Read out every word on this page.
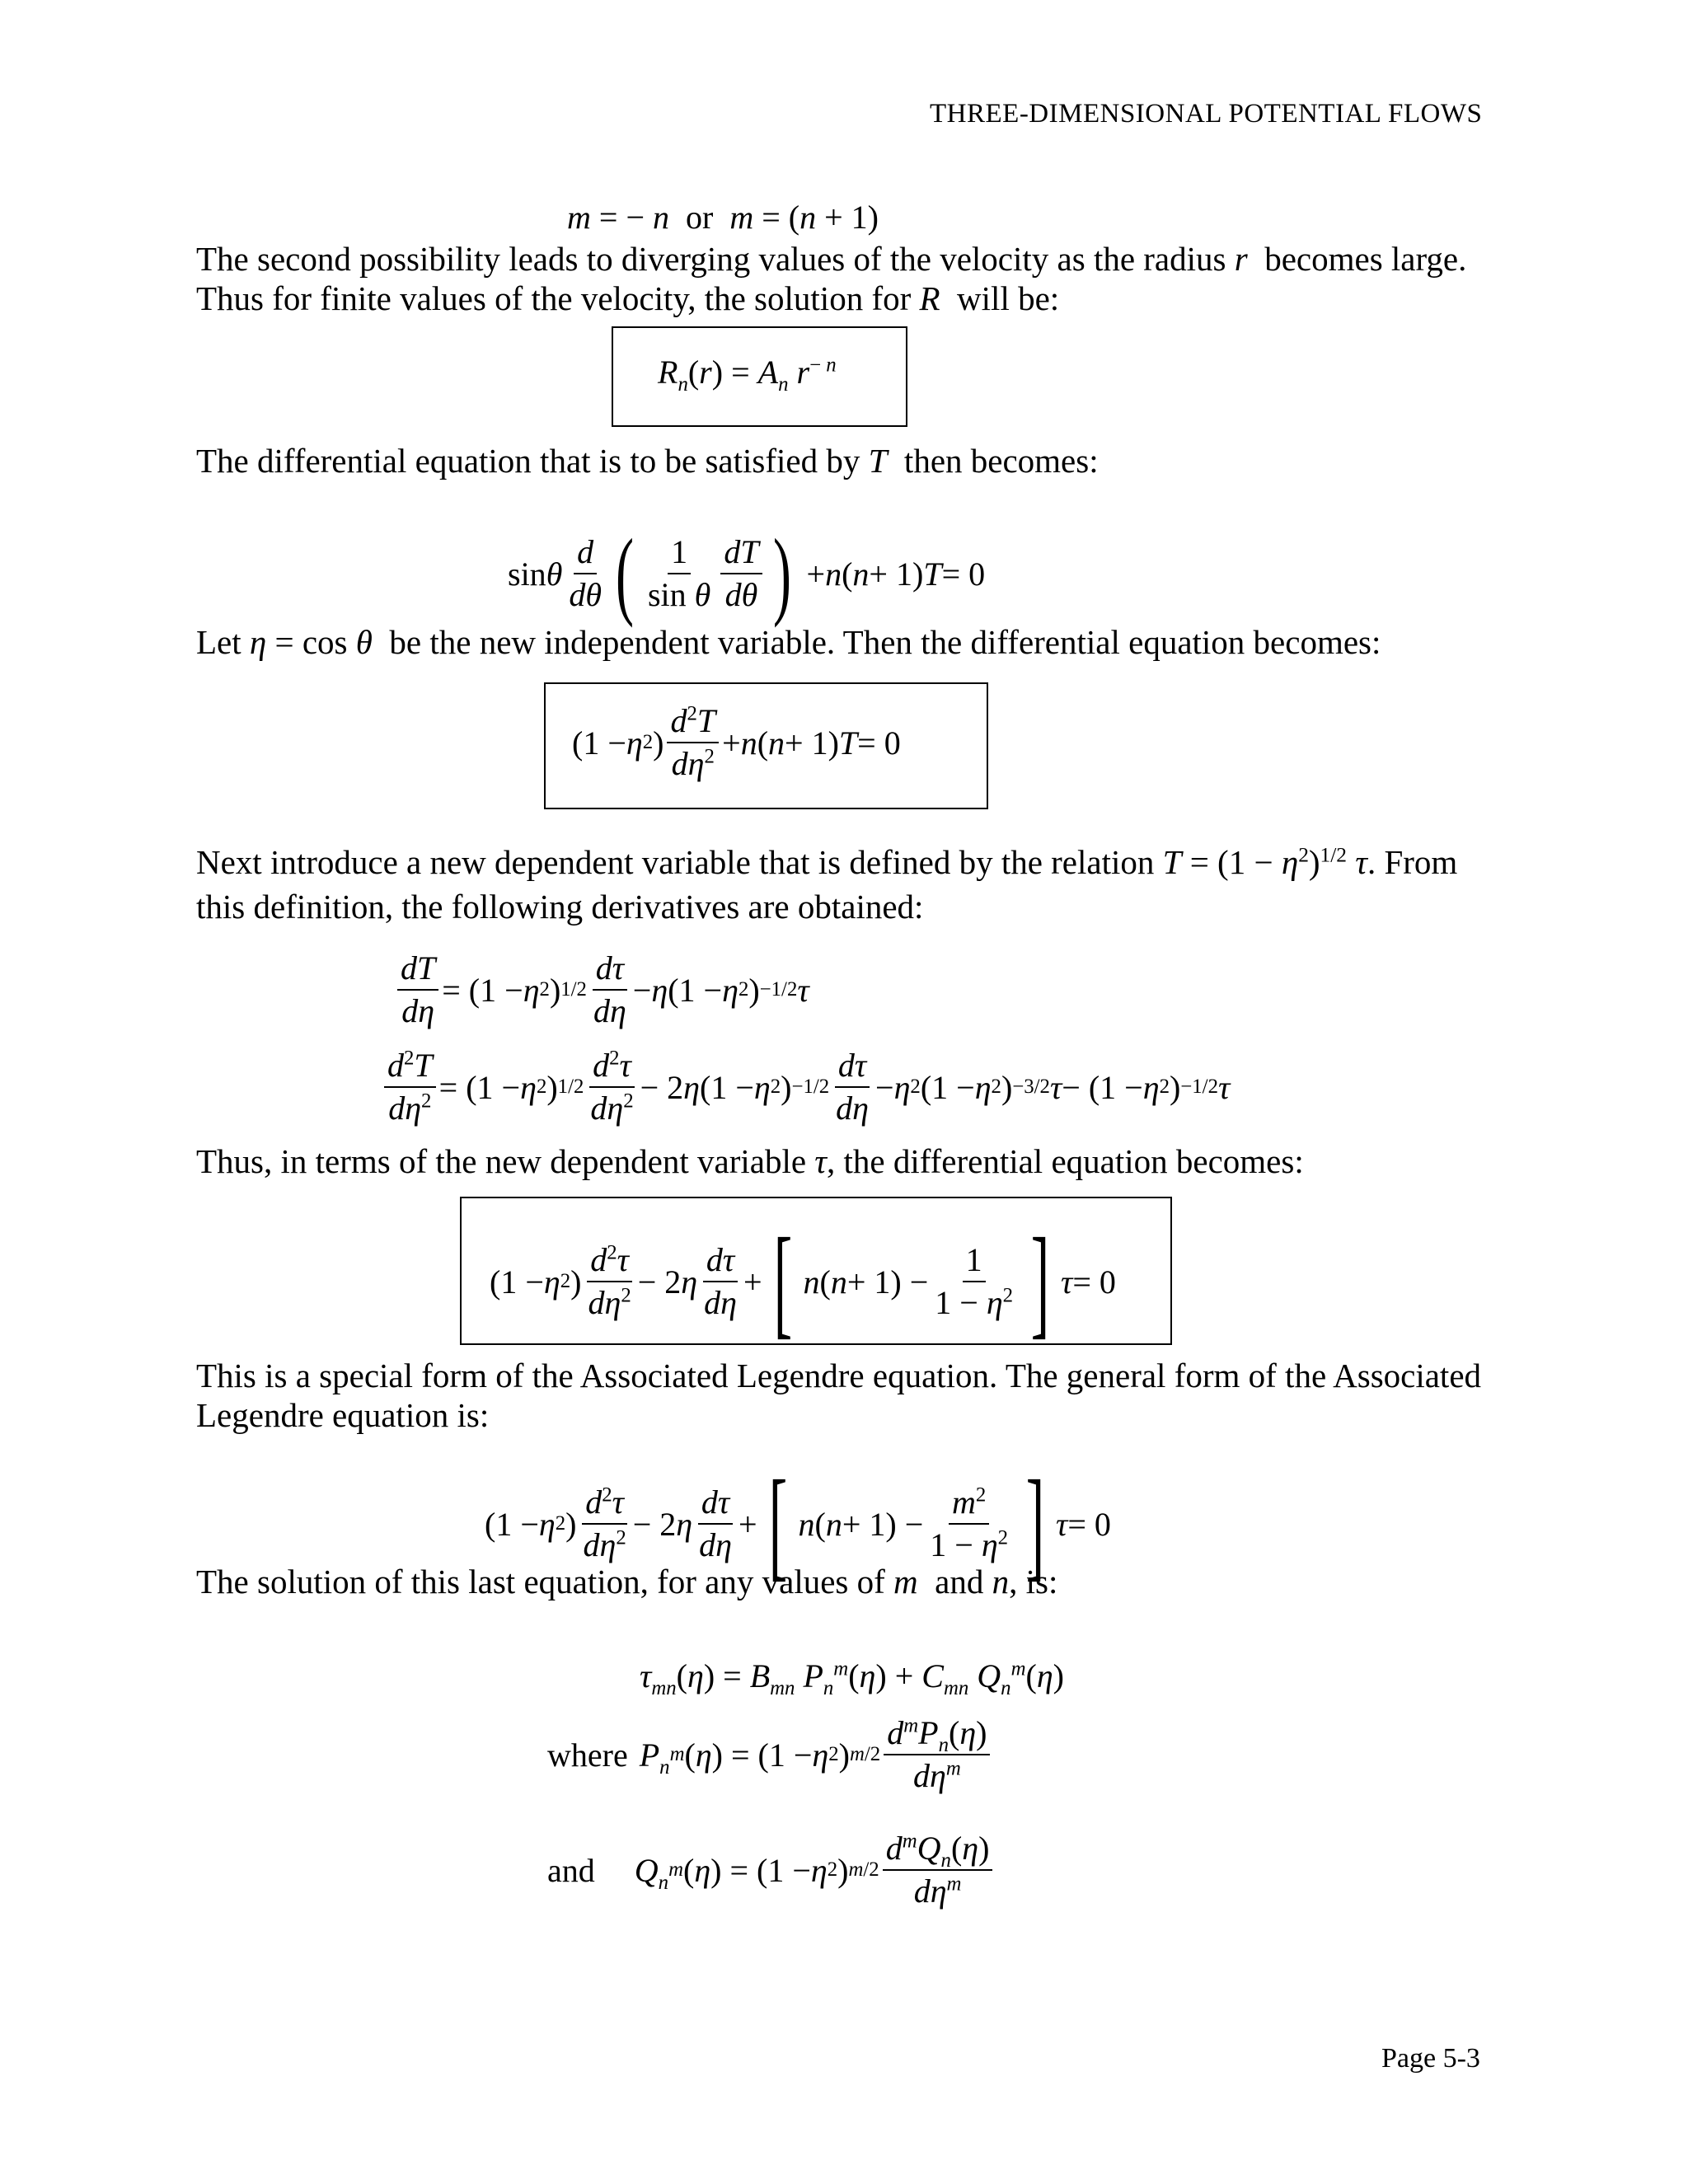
THREE-DIMENSIONAL POTENTIAL FLOWS
m = − n or m = (n + 1)
The second possibility leads to diverging values of the velocity as the radius r becomes large.
Thus for finite values of the velocity, the solution for R will be:
$R_n(r) = A_n$ $r^{- n}$
The differential equation that is to be satisfied by T then becomes:
sin θ $\frac{d}{d\theta}$ ( $\frac{1}{\text{sin θ}} \frac{dT}{d\theta}$ ) + n ( n + 1) T = 0
Let η = cos θ be the new independent variable. Then the differential equation becomes:
(1 − η 2 ) $\frac{d^2T}{d\eta^2} + n$ ( n + 1) T = 0
Next introduce a new dependent variable that is defined by the relation $T = (1 - \eta^2)^{1/2}$ τ. From
this definition, the following derivatives are obtained:
$\frac{dT}{d\eta} = (1 - \eta$ 2 ) $1/2 \frac{d\tau}{d\eta} - \eta$ (1 − η 2 ) −1/2 τ
$\frac{d^2T}{d\eta^2} = (1 - \eta$ 2 ) $1/2 \frac{d^2\tau}{d\eta^2} - 2$ η (1 − η 2 ) $-1/2 \frac{d\tau}{d\eta} - \eta$ 2 (1 − η 2 ) −3/2 τ − (1 − η 2 ) −1/2 τ
Thus, in terms of the new dependent variable τ, the differential equation becomes:
(1 − η 2 ) $\frac{d^2\tau}{d\eta^2} - 2$ η $\frac{d\tau}{d\eta}$ + [ n ( $n + 1) - \frac{1}{1 - \eta^2}$ ] τ = 0
This is a special form of the Associated Legendre equation. The general form of the Associated
Legendre equation is:
(1 − η 2 ) $\frac{d^2\tau}{d\eta^2} - 2$ η $\frac{d\tau}{d\eta}$ + [ n ( $n + 1) - \frac{m^2}{1 - \eta^2}$ ] τ = 0
The solution of this last equation, for any values of m and n, is:
$\tau_{mn}(\eta) = B_{mn}$ $P_n^m(\eta) + C_{mn}$ $Q_n^m(\eta)$
where $P_n$
m ( η ) = (1 − η 2 ) $m/2 \frac{d^mP_n(\eta)}{d\eta^m}$
and $Q_n$
m ( η ) = (1 − η 2 ) $m/2 \frac{d^mQ_n(\eta)}{d\eta^m}$
Page 5-3
